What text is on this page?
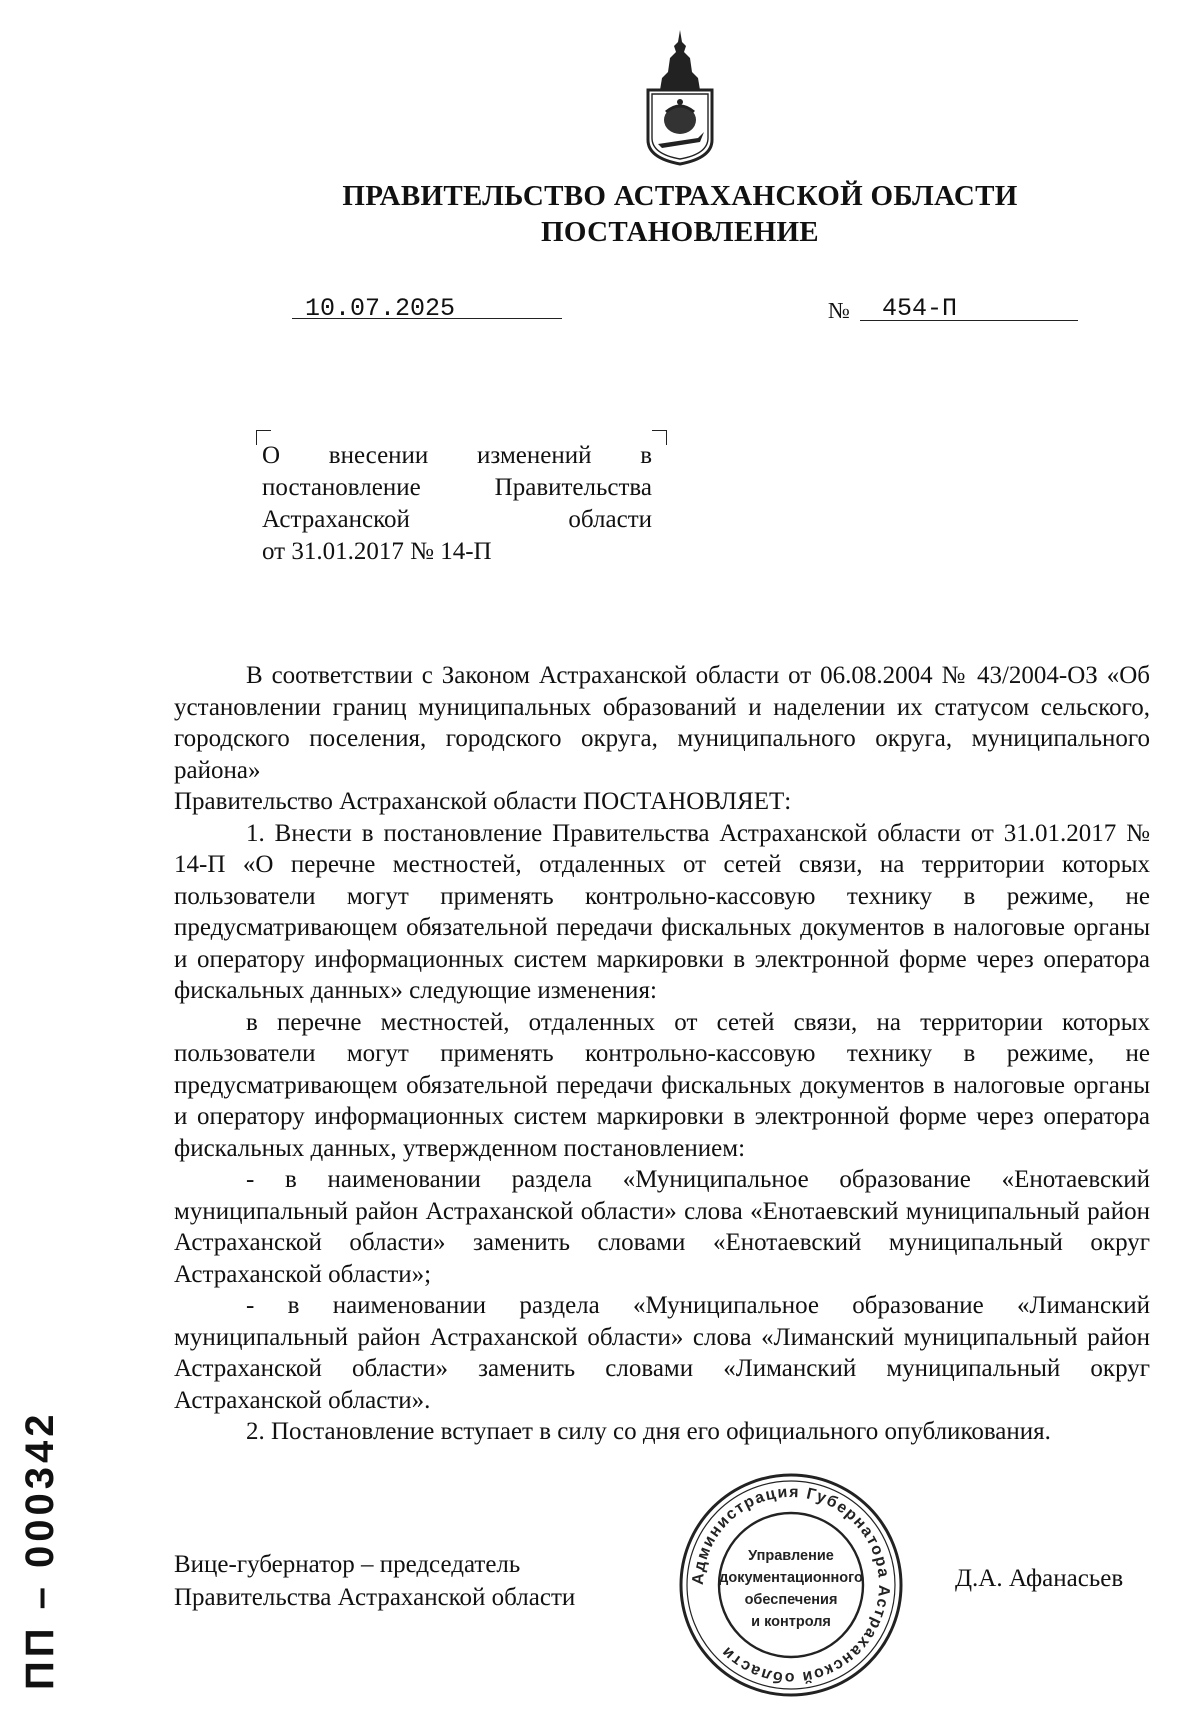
ПРАВИТЕЛЬСТВО АСТРАХАНСКОЙ ОБЛАСТИ
ПОСТАНОВЛЕНИЕ
10.07.2025	№ 454-П
О внесении изменений в
постановление Правительства
Астраханской области
от 31.01.2017 № 14-П

В соответствии с Законом Астраханской области от 06.08.2004 № 43/2004-ОЗ «Об установлении границ муниципальных образований и наделении их статусом сельского, городского поселения, городского округа, муниципального округа, муниципального района»

Правительство Астраханской области ПОСТАНОВЛЯЕТ:

1. Внести в постановление Правительства Астраханской области от 31.01.2017 № 14-П «О перечне местностей, отдаленных от сетей связи, на территории которых пользователи могут применять контрольно-кассовую технику в режиме, не предусматривающем обязательной передачи фискальных документов в налоговые органы и оператору информационных систем маркировки в электронной форме через оператора фискальных данных» следующие изменения:

в перечне местностей, отдаленных от сетей связи, на территории которых пользователи могут применять контрольно-кассовую технику в режиме, не предусматривающем обязательной передачи фискальных документов в налоговые органы и оператору информационных систем маркировки в электронной форме через оператора фискальных данных, утвержденном постановлением:

- в наименовании раздела «Муниципальное образование «Енотаевский муниципальный район Астраханской области» слова «Енотаевский муниципальный район Астраханской области» заменить словами «Енотаевский муниципальный округ Астраханской области»;

- в наименовании раздела «Муниципальное образование «Лиманский муниципальный район Астраханской области» слова «Лиманский муниципальный район Астраханской области» заменить словами «Лиманский муниципальный округ Астраханской области».

2. Постановление вступает в силу со дня его официального опубликования.

Вице-губернатор – председатель
Правительства Астраханской области
Администрация Губернатора Астраханской области
Управление
документационного
обеспечения
и контроля
Д.А. Афанасьев
ПП – 000342
